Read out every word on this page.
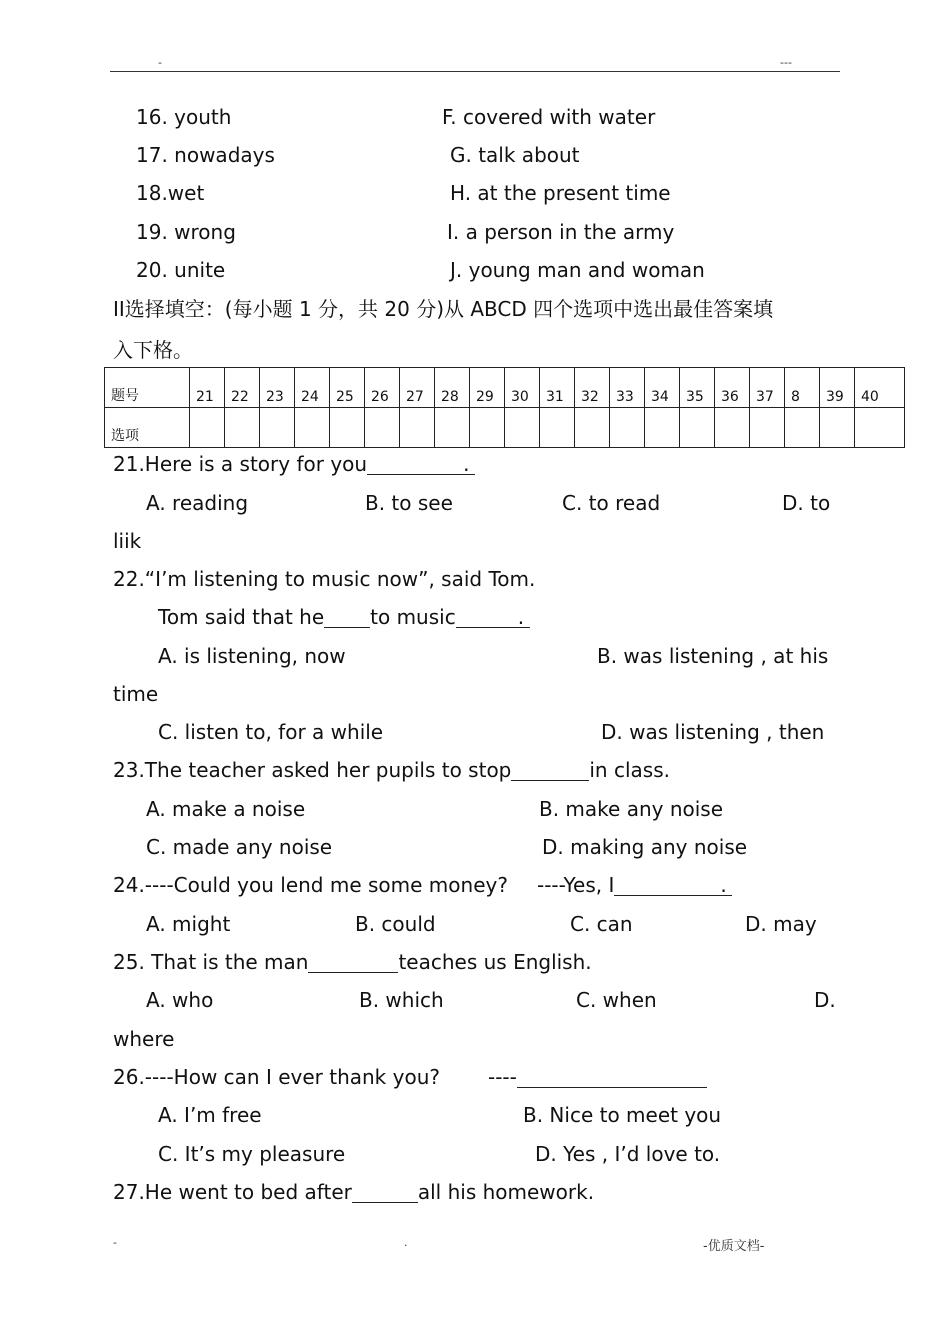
-	---
16. youth	F. covered with water
17. nowadays	G. talk about
18.wet	H. at the present time
19. wrong	I. a person in the army
20. unite	J. young man and woman
II选择填空：(每小题 1 分，共 20 分)从 ABCD 四个选项中选出最佳答案填
入下格。
题号	21	22	23	24	25	26	27	28	29	30	31	32	33	34	35	36	37	8	39	40
选项																				
21.Here is a story for you	.
A. reading	B. to see	C. to read	D. to
liik
22.“I’m listening to music now”, said Tom.
Tom said that he to music	.
A. is listening, now	B. was listening , at his
time
C. listen to, for a while	D. was listening , then
23.The teacher asked her pupils to stop	in class.
A. make a noise	B. make any noise
C. made any noise	D. making any noise
24.----Could you lend me some money? ----Yes, I	.
A. might	B. could	C. can	D. may
25. That is the man	teaches us English.
A. who	B. which	C. when	D.
where
26.----How can I ever thank you? ----
A. I’m free	B. Nice to meet you
C. It’s my pleasure	D. Yes , I’d love to.
27.He went to bed after	all his homework.
-	.	-优质文档-
